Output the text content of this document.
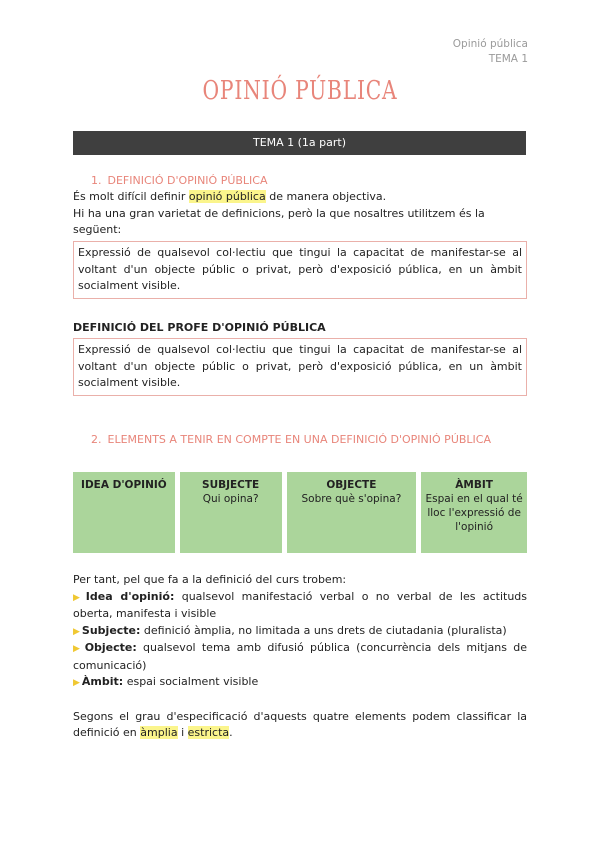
Opinió pública
TEMA 1
OPINIÓ PÚBLICA
TEMA 1 (1a part)
1. DEFINICIÓ D'OPINIÓ PÚBLICA
És molt difícil definir opinió pública de manera objectiva.
Hi ha una gran varietat de definicions, però la que nosaltres utilitzem és la següent:
Expressió de qualsevol col·lectiu que tingui la capacitat de manifestar-se al voltant d'un objecte públic o privat, però d'exposició pública, en un àmbit socialment visible.
DEFINICIÓ DEL PROFE D'OPINIÓ PÚBLICA
Expressió de qualsevol col·lectiu que tingui la capacitat de manifestar-se al voltant d'un objecte públic o privat, però d'exposició pública, en un àmbit socialment visible.
2. ELEMENTS A TENIR EN COMPTE EN UNA DEFINICIÓ D'OPINIÓ PÚBLICA
IDEA D'OPINIÓ	SUBJECTE
Qui opina?
OBJECTE
Sobre què s'opina?
ÀMBIT
Espai en el qual té lloc l'expressió de l'opinió
Per tant, pel que fa a la definició del curs trobem:
▶ Idea d'opinió: qualsevol manifestació verbal o no verbal de les actituds oberta, manifesta i visible
▶ Subjecte: definició àmplia, no limitada a uns drets de ciutadania (pluralista)
▶ Objecte: qualsevol tema amb difusió pública (concurrència dels mitjans de comunicació)
▶ Àmbit: espai socialment visible
Segons el grau d'especificació d'aquests quatre elements podem classificar la definició en àmplia i estricta.
